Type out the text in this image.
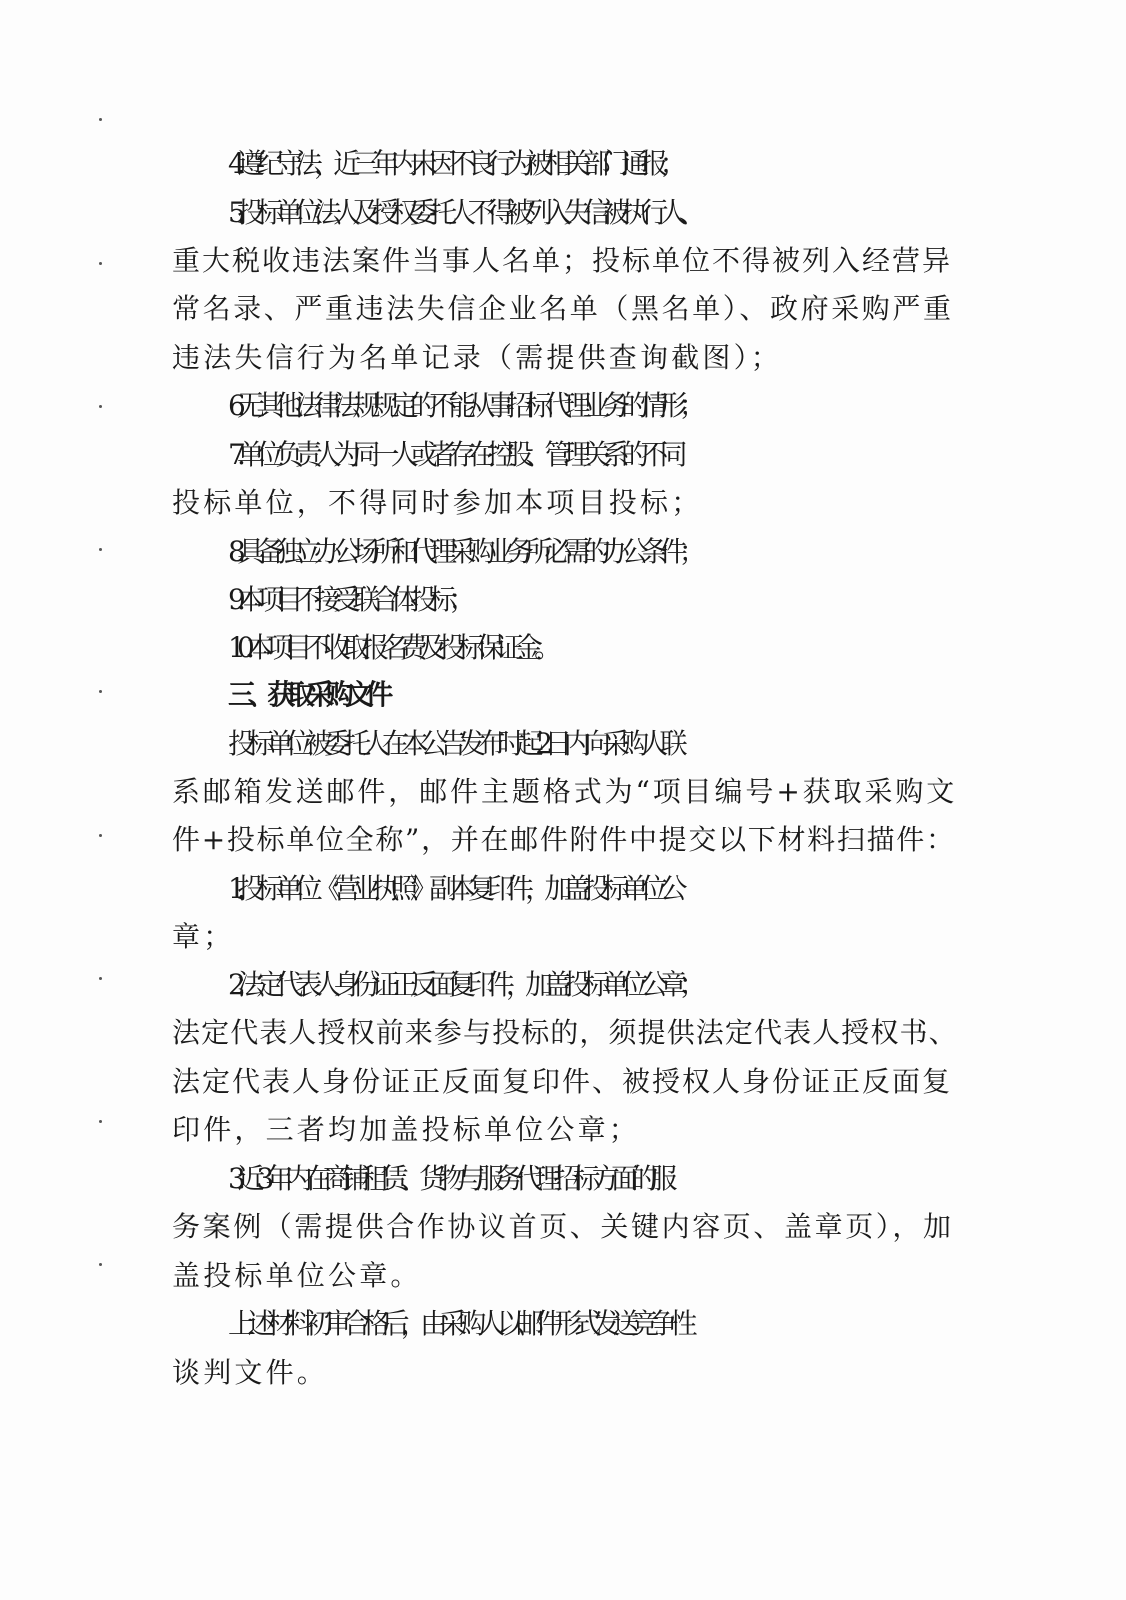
4.遵纪守法，近三年内未因不良行为被相关部门通报；
5.投标单位法人及授权委托人不得被列入失信被执行人、
重大税收违法案件当事人名单；投标单位不得被列入经营异
常名录、严重违法失信企业名单（黑名单）、政府采购严重
违法失信行为名单记录（需提供查询截图）；
6.无其他法律法规规定的不能从事招标代理业务的情形；
7.单位负责人为同一人或者存在控股、管理关系的不同
投标单位，不得同时参加本项目投标；
8.具备独立办公场所和代理采购业务所必需的办公条件；
9.本项目不接受联合体投标；
10.本项目不收取报名费及投标保证金。
三、获取采购文件
投标单位被委托人在本公告发布时起 2 日内向采购人联
系邮箱发送邮件，邮件主题格式为“项目编号+获取采购文
件+投标单位全称”，并在邮件附件中提交以下材料扫描件：
1.投标单位《营业执照》副本复印件，加盖投标单位公
章；
2.法定代表人身份证正反面复印件，加盖投标单位公章；
法定代表人授权前来参与投标的，须提供法定代表人授权书、
法定代表人身份证正反面复印件、被授权人身份证正反面复
印件，三者均加盖投标单位公章；
3.近 3 年内在商铺租赁、货物与服务代理招标方面的服
务案例（需提供合作协议首页、关键内容页、盖章页），加
盖投标单位公章。
上述材料初审合格后，由采购人以邮件形式发送竞争性
谈判文件。
